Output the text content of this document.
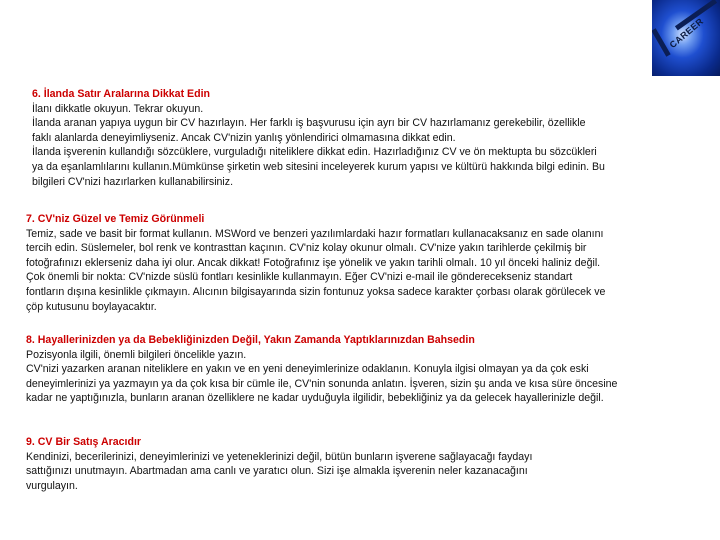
CAREER
6. İlanda Satır Aralarına Dikkat Edin
İlanı dikkatle okuyun. Tekrar okuyun.
İlanda aranan yapıya uygun bir CV hazırlayın. Her farklı iş başvurusu için ayrı bir CV hazırlamanız gerekebilir, özellikle
faklı alanlarda deneyimliyseniz. Ancak CV'nizin yanlış yönlendirici olmamasına dikkat edin.
İlanda işverenin kullandığı sözcüklere, vurguladığı niteliklere dikkat edin. Hazırladığınız CV ve ön mektupta bu sözcükleri
ya da eşanlamlılarını kullanın.Mümkünse şirketin web sitesini inceleyerek kurum yapısı ve kültürü hakkında bilgi edinin. Bu
bilgileri CV'nizi hazırlarken kullanabilirsiniz.
7. CV'niz Güzel ve Temiz Görünmeli
Temiz, sade ve basit bir format kullanın. MSWord ve benzeri yazılımlardaki hazır formatları kullanacaksanız en sade olanını
tercih edin. Süslemeler, bol renk ve kontrasttan kaçının. CV'niz kolay okunur olmalı. CV'nize yakın tarihlerde çekilmiş bir
fotoğrafınızı eklerseniz daha iyi olur. Ancak dikkat! Fotoğrafınız işe yönelik ve yakın tarihli olmalı. 10 yıl önceki haliniz değil.
Çok önemli bir nokta: CV'nizde süslü fontları kesinlikle kullanmayın. Eğer CV'nizi e-mail ile gönderecekseniz standart
fontların dışına kesinlikle çıkmayın. Alıcının bilgisayarında sizin fontunuz yoksa sadece karakter çorbası olarak görülecek ve
çöp kutusunu boylayacaktır.
8. Hayallerinizden ya da Bebekliğinizden Değil, Yakın Zamanda Yaptıklarınızdan Bahsedin
Pozisyonla ilgili, önemli bilgileri öncelikle yazın.
CV'nizi yazarken aranan niteliklere en yakın ve en yeni deneyimlerinize odaklanın. Konuyla ilgisi olmayan ya da çok eski
deneyimlerinizi ya yazmayın ya da çok kısa bir cümle ile, CV'nin sonunda anlatın. İşveren, sizin şu anda ve kısa süre öncesine
kadar ne yaptığınızla, bunların aranan özelliklere ne kadar uyduğuyla ilgilidir, bebekliğiniz ya da gelecek hayallerinizle değil.
9. CV Bir Satış Aracıdır
Kendinizi, becerilerinizi, deneyimlerinizi ve yeteneklerinizi değil, bütün bunların işverene sağlayacağı faydayı
sattığınızı unutmayın. Abartmadan ama canlı ve yaratıcı olun. Sizi işe almakla işverenin neler kazanacağını
vurgulayın.
